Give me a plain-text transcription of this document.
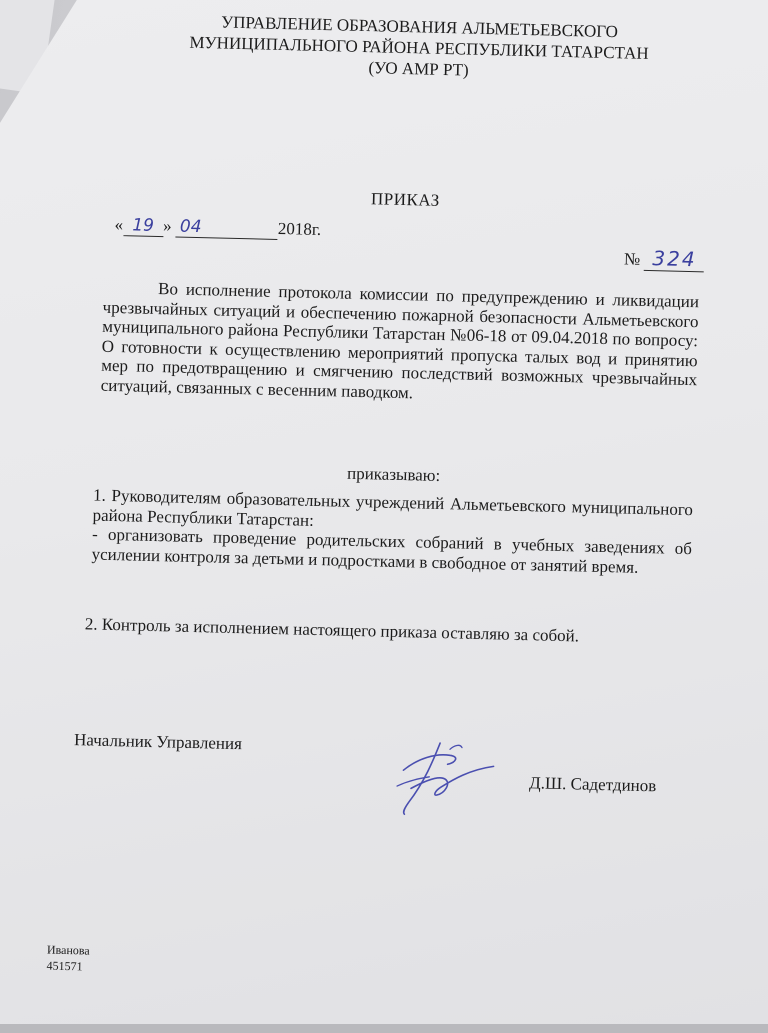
УПРАВЛЕНИЕ ОБРАЗОВАНИЯ АЛЬМЕТЬЕВСКОГО
МУНИЦИПАЛЬНОГО РАЙОНА РЕСПУБЛИКИ ТАТАРСТАН
(УО АМР РТ)
ПРИКАЗ
« 19 » 04	2018г.
№ 324
Во исполнение протокола комиссии по предупреждению и ликвидации чрезвычайных ситуаций и обеспечению пожарной безопасности Альметьевского муниципального района Республики Татарстан №06-18 от 09.04.2018 по вопросу: О готовности к осуществлению мероприятий пропуска талых вод и принятию мер по предотвращению и смягчению последствий возможных чрезвычайных ситуаций, связанных с весенним паводком.
приказываю:
1. Руководителям образовательных учреждений Альметьевского муниципального района Республики Татарстан:
- организовать проведение родительских собраний в учебных заведениях об усилении контроля за детьми и подростками в свободное от занятий время.
2. Контроль за исполнением настоящего приказа оставляю за собой.
Начальник Управления
Д.Ш. Садетдинов
Иванова
451571
